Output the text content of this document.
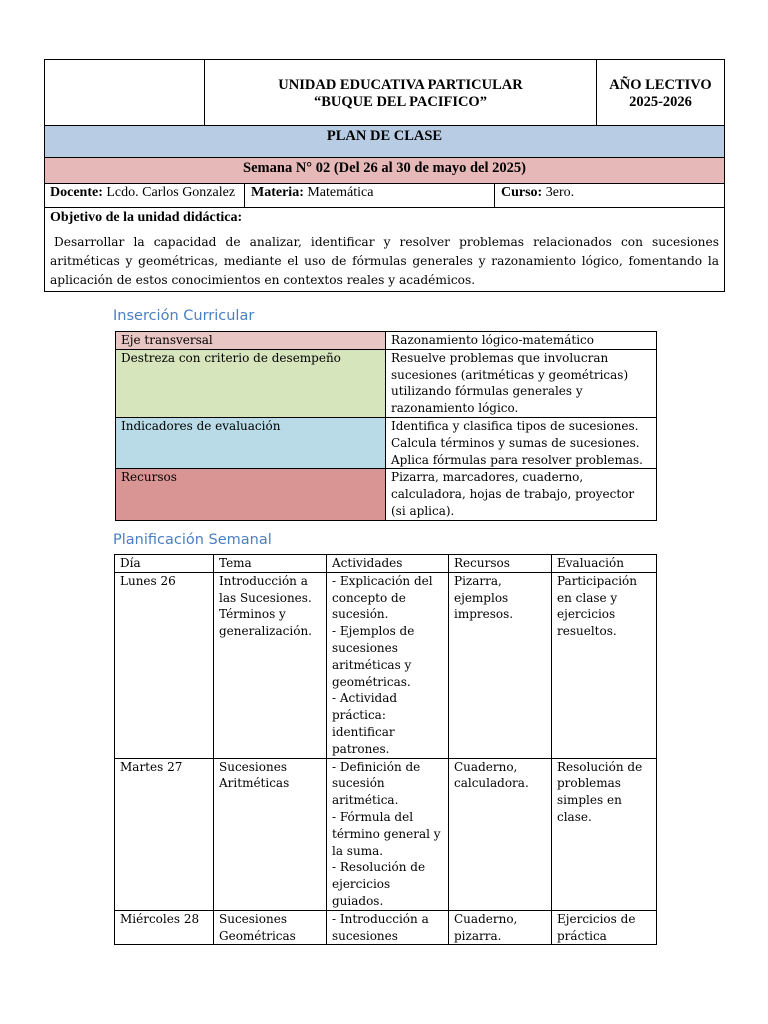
UNIDAD EDUCATIVA PARTICULAR
“BUQUE DEL PACIFICO”
AÑO LECTIVO
2025-2026
PLAN DE CLASE
Semana N° 02 (Del 26 al 30 de mayo del 2025)
Docente: Lcdo. Carlos Gonzalez	Materia: Matemática	Curso: 3ero.
Objetivo de la unidad didáctica:
Desarrollar la capacidad de analizar, identificar y resolver problemas relacionados con sucesiones aritméticas y geométricas, mediante el uso de fórmulas generales y razonamiento lógico, fomentando la aplicación de estos conocimientos en contextos reales y académicos.
Inserción Curricular
Eje transversal	Razonamiento lógico-matemático
Destreza con criterio de desempeño	Resuelve problemas que involucran sucesiones (aritméticas y geométricas) utilizando fórmulas generales y razonamiento lógico.
Indicadores de evaluación	Identifica y clasifica tipos de sucesiones.
Calcula términos y sumas de sucesiones.
Aplica fórmulas para resolver problemas.
Recursos	Pizarra, marcadores, cuaderno, calculadora, hojas de trabajo, proyector (si aplica).
Planificación Semanal
Día	Tema	Actividades	Recursos	Evaluación
Lunes 26	Introducción a las Sucesiones. Términos y generalización.	- Explicación del concepto de sucesión.
- Ejemplos de sucesiones aritméticas y geométricas.
- Actividad práctica: identificar patrones.	Pizarra, ejemplos impresos.	Participación en clase y ejercicios resueltos.
Martes 27	Sucesiones Aritméticas	- Definición de sucesión aritmética.
- Fórmula del término general y la suma.
- Resolución de ejercicios guiados.	Cuaderno, calculadora.	Resolución de problemas simples en clase.
Miércoles 28	Sucesiones Geométricas	- Introducción a sucesiones	Cuaderno, pizarra.	Ejercicios de práctica
